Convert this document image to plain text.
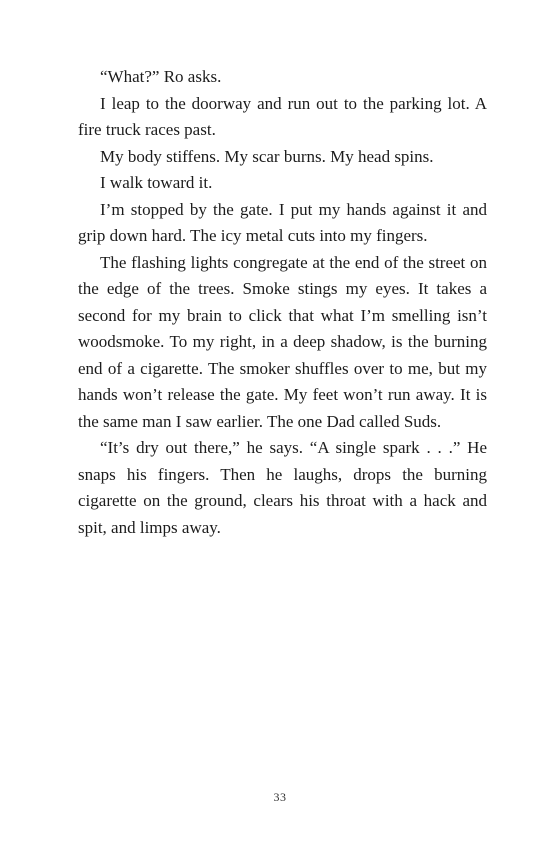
“What?” Ro asks.

I leap to the doorway and run out to the parking lot. A fire truck races past.

My body stiffens. My scar burns. My head spins.

I walk toward it.

I’m stopped by the gate. I put my hands against it and grip down hard. The icy metal cuts into my fingers.

The flashing lights congregate at the end of the street on the edge of the trees. Smoke stings my eyes. It takes a second for my brain to click that what I’m smelling isn’t woodsmoke. To my right, in a deep shadow, is the burning end of a cigarette. The smoker shuffles over to me, but my hands won’t release the gate. My feet won’t run away. It is the same man I saw earlier. The one Dad called Suds.

“It’s dry out there,” he says. “A single spark . . .” He snaps his fingers. Then he laughs, drops the burning cigarette on the ground, clears his throat with a hack and spit, and limps away.

33
